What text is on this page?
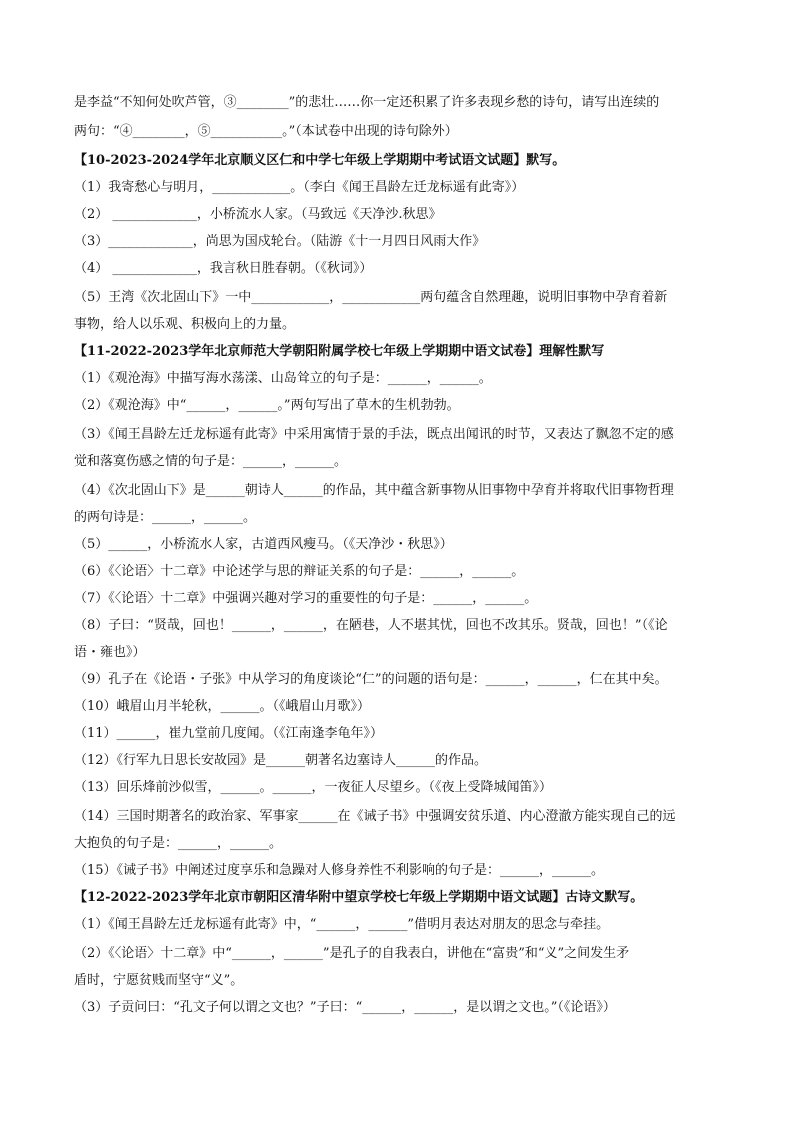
是李益“不知何处吹芦管，③________”的悲壮……你一定还积累了许多表现乡愁的诗句，请写出连续的
两句：“④________，⑤___________。”（本试卷中出现的诗句除外）
【10-2023-2024学年北京顺义区仁和中学七年级上学期期中考试语文试题】默写。
（1）我寄愁心与明月，____________。（李白《闻王昌龄左迁龙标遥有此寄》）
（2） _____________，小桥流水人家。（马致远《天净沙.秋思》
（3）_____________，尚思为国戍轮台。（陆游《十一月四日风雨大作》
（4） _____________，我言秋日胜春朝。（《秋词》）
（5）王湾《次北固山下》一中____________，____________两句蕴含自然理趣，说明旧事物中孕育着新
事物，给人以乐观、积极向上的力量。
【11-2022-2023学年北京师范大学朝阳附属学校七年级上学期期中语文试卷】理解性默写
（1）《观沧海》中描写海水荡漾、山岛耸立的句子是：______，______。
（2）《观沧海》中“______，______。”两句写出了草木的生机勃勃。
（3）《闻王昌龄左迁龙标遥有此寄》中采用寓情于景的手法，既点出闻讯的时节，又表达了飘忽不定的感
觉和落寞伤感之情的句子是：______，______。
（4）《次北固山下》是______朝诗人______的作品，其中蕴含新事物从旧事物中孕育并将取代旧事物哲理
的两句诗是：______，______。
（5）______，小桥流水人家，古道西风瘦马。（《天净沙・秋思》）
（6）《〈论语〉十二章》中论述学与思的辩证关系的句子是：______，______。
（7）《〈论语〉十二章》中强调兴趣对学习的重要性的句子是：______，______。
（8）子曰：“贤哉，回也！______，______，在陋巷，人不堪其忧，回也不改其乐。贤哉，回也！”（《论
语・雍也》）
（9）孔子在《论语・子张》中从学习的角度谈论“仁”的问题的语句是：______，______，仁在其中矣。
（10）峨眉山月半轮秋，______。（《峨眉山月歌》）
（11）______，崔九堂前几度闻。（《江南逢李龟年》）
（12）《行军九日思长安故园》是______朝著名边塞诗人______的作品。
（13）回乐烽前沙似雪，______。______，一夜征人尽望乡。（《夜上受降城闻笛》）
（14）三国时期著名的政治家、军事家______在《诫子书》中强调安贫乐道、内心澄澈方能实现自己的远
大抱负的句子是：______，______。
（15）《诫子书》中阐述过度享乐和急躁对人修身养性不利影响的句子是：______，______。
【12-2022-2023学年北京市朝阳区清华附中望京学校七年级上学期期中语文试题】古诗文默写。
（1）《闻王昌龄左迁龙标遥有此寄》中，“______，______”借明月表达对朋友的思念与牵挂。
（2）《〈论语〉十二章》中“______，______”是孔子的自我表白，讲他在“富贵”和“义”之间发生矛
盾时，宁愿贫贱而坚守“义”。
（3）子贡问曰：“孔文子何以谓之文也？”子曰：“______，______，是以谓之文也。”（《论语》）
